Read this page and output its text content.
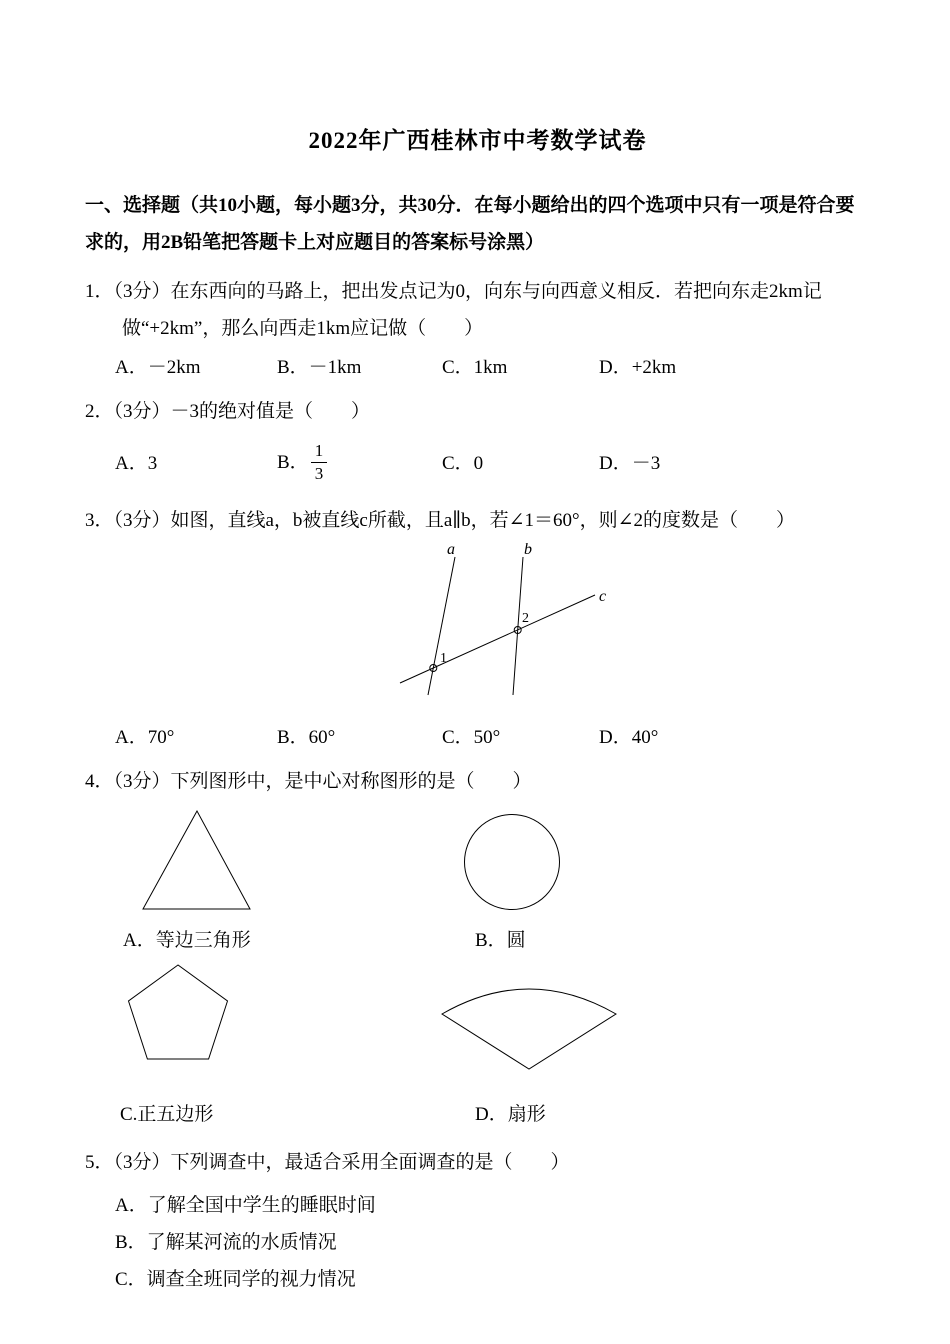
2022年广西桂林市中考数学试卷

一、选择题（共10小题，每小题3分，共30分．在每小题给出的四个选项中只有一项是符合要求的，用2B铅笔把答题卡上对应题目的答案标号涂黑）

1．（3分）在东西向的马路上，把出发点记为0，向东与向西意义相反．若把向东走2km记做“+2km”，那么向西走1km应记做（　　）

A．－2km	B．－1km	C．1km	D．+2km

2．（3分）－3的绝对值是（　　）

A．3	B． $\frac{1}{3}$	C．0	D．－3

3．（3分）如图，直线a，b被直线c所截，且a∥b，若∠1＝60°，则∠2的度数是（　　）

a	b
c
1
2
A．70°	B．60°	C．50°	D．40°

4．（3分）下列图形中，是中心对称图形的是（　　）

A．等边三角形	B．圆
C.正五边形	D．扇形

5．（3分）下列调查中，最适合采用全面调查的是（　　）

A．了解全国中学生的睡眠时间

B．了解某河流的水质情况

C．调查全班同学的视力情况
